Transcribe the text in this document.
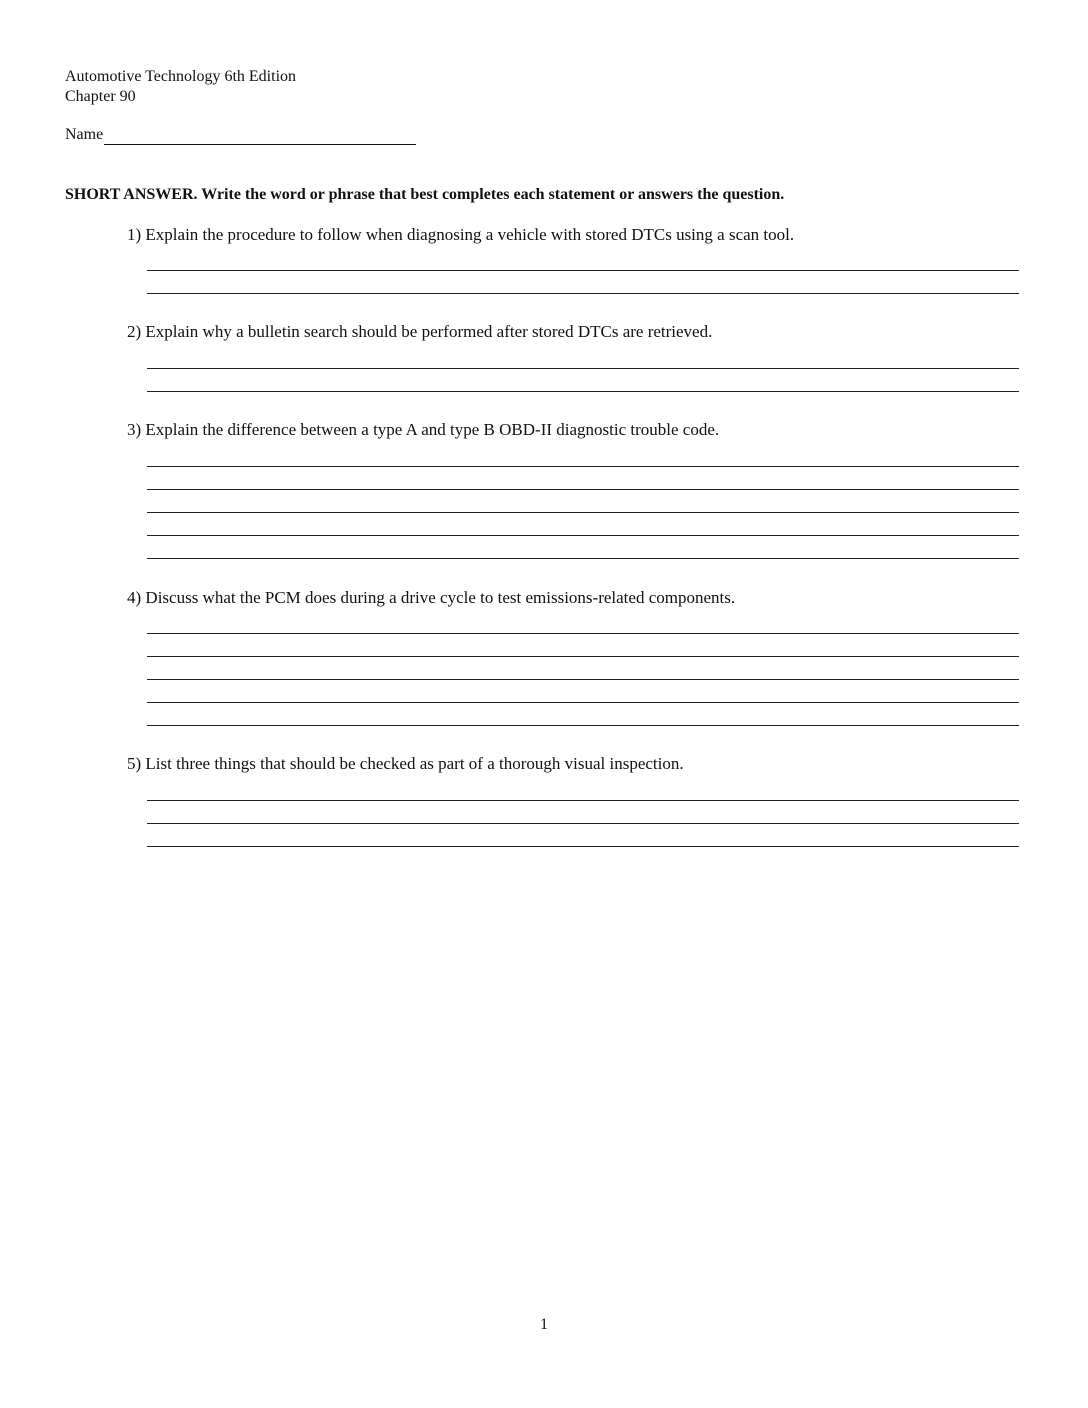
Automotive Technology 6th Edition
Chapter 90
Name
SHORT ANSWER. Write the word or phrase that best completes each statement or answers the question.
1) Explain the procedure to follow when diagnosing a vehicle with stored DTCs using a scan tool.
2) Explain why a bulletin search should be performed after stored DTCs are retrieved.
3) Explain the difference between a type A and type B OBD-II diagnostic trouble code.
4) Discuss what the PCM does during a drive cycle to test emissions-related components.
5) List three things that should be checked as part of a thorough visual inspection.
1
